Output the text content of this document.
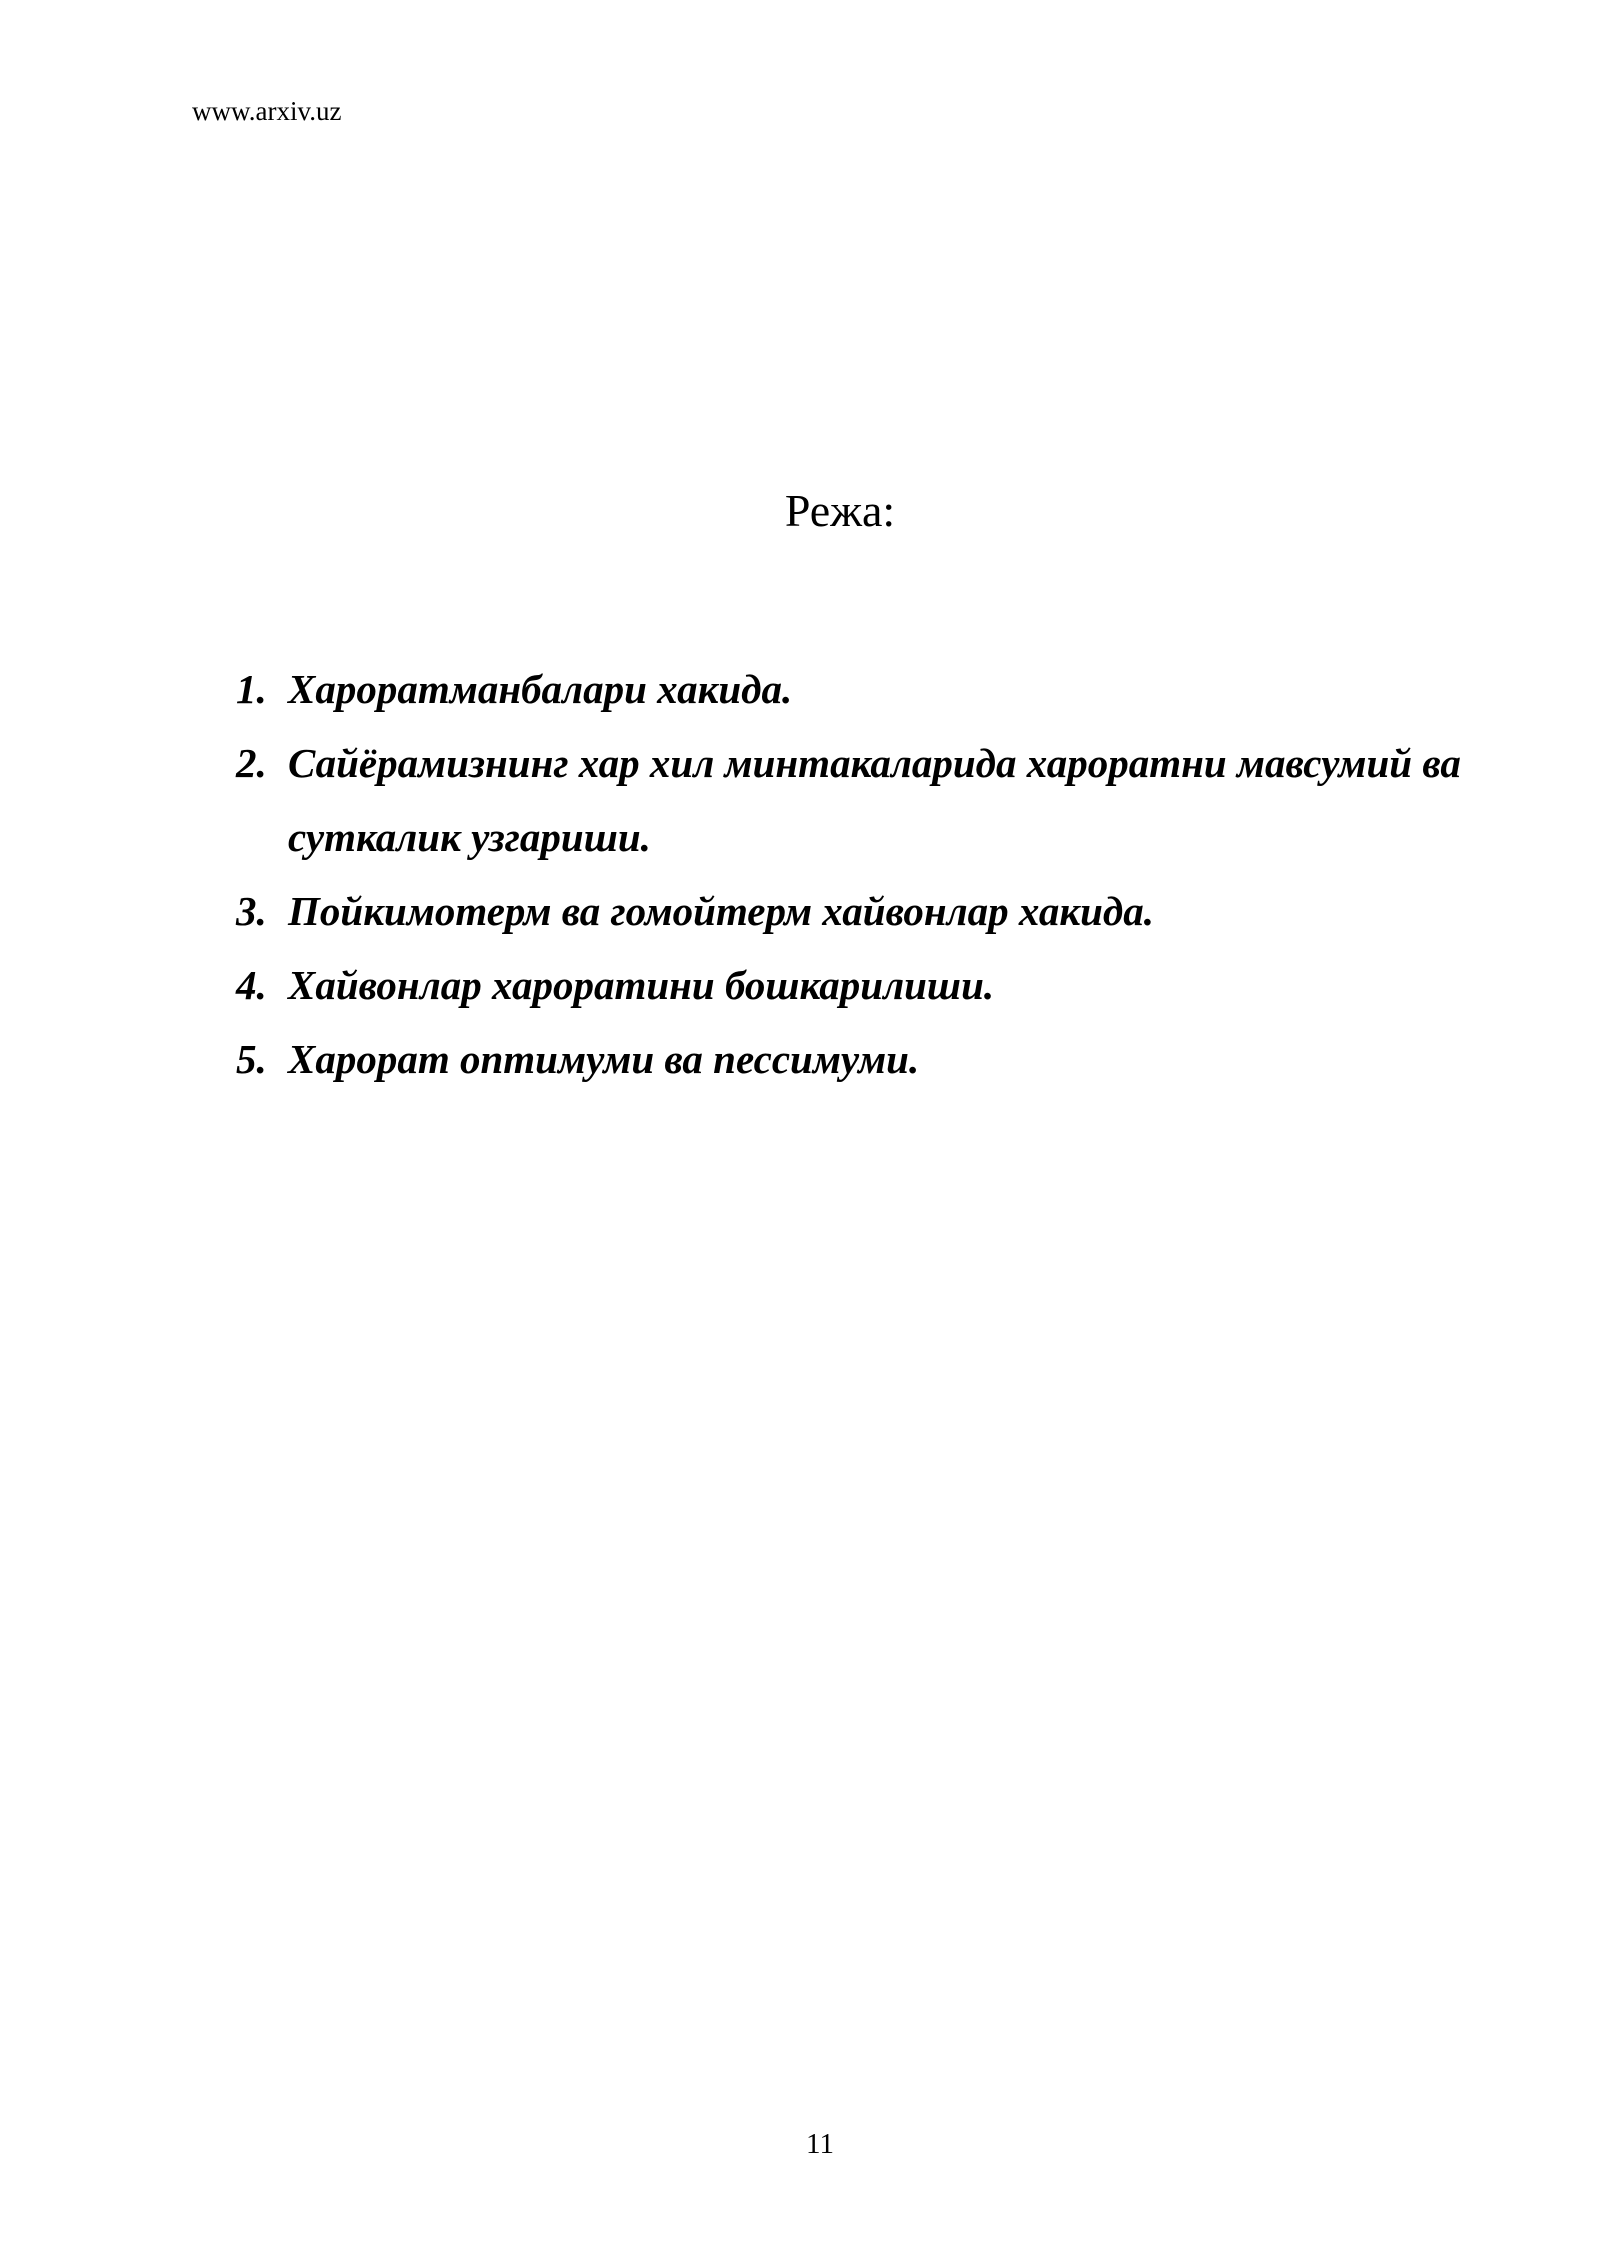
www.arxiv.uz
Режа:
1. Хароратманбалари хакида.
2. Сайёрамизнинг хар хил минтакаларида хароратни мавсумий ва суткалик узгариши.
3. Пойкимотерм ва гомойтерм хайвонлар хакида.
4. Хайвонлар хароратини бошкарилиши.
5. Харорат оптимуми ва пессимуми.
11
